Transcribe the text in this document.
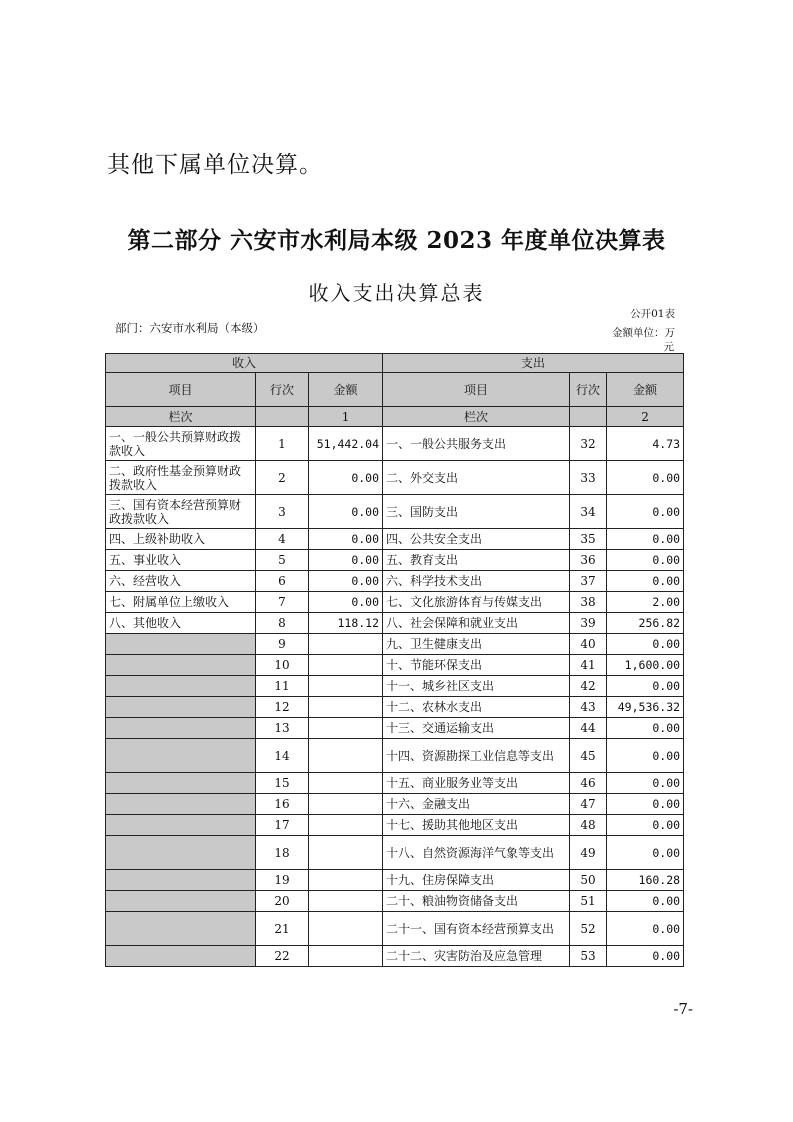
其他下属单位决算。
第二部分 六安市水利局本级 2023 年度单位决算表
收入支出决算总表
公开01表
部门：六安市水利局（本级）	金额单位：万
元
收入			支出		
项目	行次	金额	项目	行次	金额
栏次		1	栏次		2
一、一般公共预算财政拨款收入	1	51,442.04	一、一般公共服务支出	32	4.73
二、政府性基金预算财政拨款收入	2	0.00	二、外交支出	33	0.00
三、国有资本经营预算财政拨款收入	3	0.00	三、国防支出	34	0.00
四、上级补助收入	4	0.00	四、公共安全支出	35	0.00
五、事业收入	5	0.00	五、教育支出	36	0.00
六、经营收入	6	0.00	六、科学技术支出	37	0.00
七、附属单位上缴收入	7	0.00	七、文化旅游体育与传媒支出	38	2.00
八、其他收入	8	118.12	八、社会保障和就业支出	39	256.82
	9		九、卫生健康支出	40	0.00
	10		十、节能环保支出	41	1,600.00
	11		十一、城乡社区支出	42	0.00
	12		十二、农林水支出	43	49,536.32
	13		十三、交通运输支出	44	0.00
	14		十四、资源勘探工业信息等支出	45	0.00
	15		十五、商业服务业等支出	46	0.00
	16		十六、金融支出	47	0.00
	17		十七、援助其他地区支出	48	0.00
	18		十八、自然资源海洋气象等支出	49	0.00
	19		十九、住房保障支出	50	160.28
	20		二十、粮油物资储备支出	51	0.00
	21		二十一、国有资本经营预算支出	52	0.00
	22		二十二、灾害防治及应急管理	53	0.00
-7-
